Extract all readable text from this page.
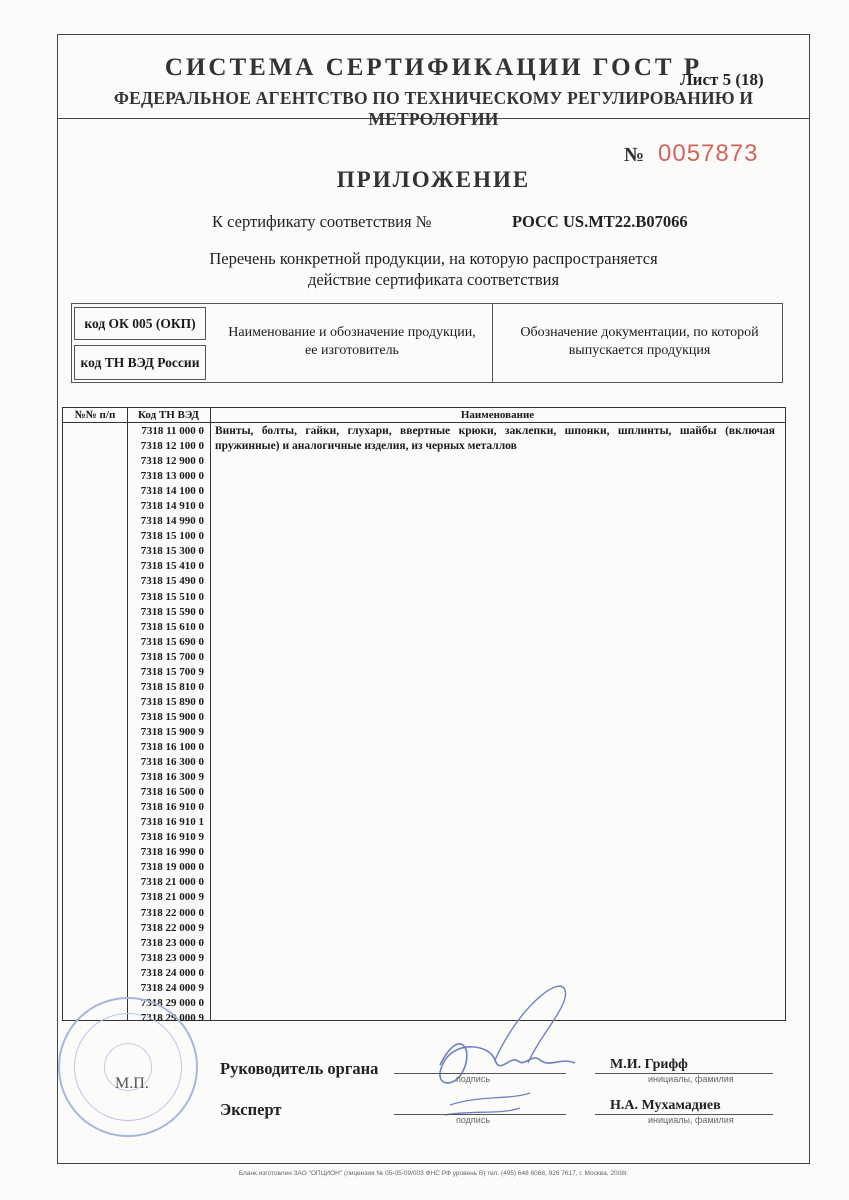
СИСТЕМА СЕРТИФИКАЦИИ ГОСТ Р
Лист 5 (18)
ФЕДЕРАЛЬНОЕ АГЕНТСТВО ПО ТЕХНИЧЕСКОМУ РЕГУЛИРОВАНИЮ И МЕТРОЛОГИИ
№ 0057873
ПРИЛОЖЕНИЕ
К сертификату соответствия №	РОСС US.МТ22.В07066
Перечень конкретной продукции, на которую распространяется
действие сертификата соответствия
код ОК 005 (ОКП)
код ТН ВЭД России
Наименование и обозначение продукции, ее изготовитель
Обозначение документации, по которой выпускается продукция
№№ п/п	Код ТН ВЭД	Наименование
7318 11 000 0
7318 12 100 0
7318 12 900 0
7318 13 000 0
7318 14 100 0
7318 14 910 0
7318 14 990 0
7318 15 100 0
7318 15 300 0
7318 15 410 0
7318 15 490 0
7318 15 510 0
7318 15 590 0
7318 15 610 0
7318 15 690 0
7318 15 700 0
7318 15 700 9
7318 15 810 0
7318 15 890 0
7318 15 900 0
7318 15 900 9
7318 16 100 0
7318 16 300 0
7318 16 300 9
7318 16 500 0
7318 16 910 0
7318 16 910 1
7318 16 910 9
7318 16 990 0
7318 19 000 0
7318 21 000 0
7318 21 000 9
7318 22 000 0
7318 22 000 9
7318 23 000 0
7318 23 000 9
7318 24 000 0
7318 24 000 9
7318 29 000 0
7318 29 000 9
Винты, болты, гайки, глухари, ввертные крюки, заклепки, шпонки, шплинты, шайбы (включая пружинные) и аналогичные изделия, из черных металлов
М.П.
Руководитель органа
подпись
М.И. Грифф
инициалы, фамилия
Эксперт
подпись
Н.А. Мухамадиев
инициалы, фамилия
Бланк изготовлен ЗАО "ОПЦИОН" (лицензия № 05-05-09/003 ФНС РФ уровень В) тел. (495) 648 6068, 926 7617, г. Москва, 2008г.
